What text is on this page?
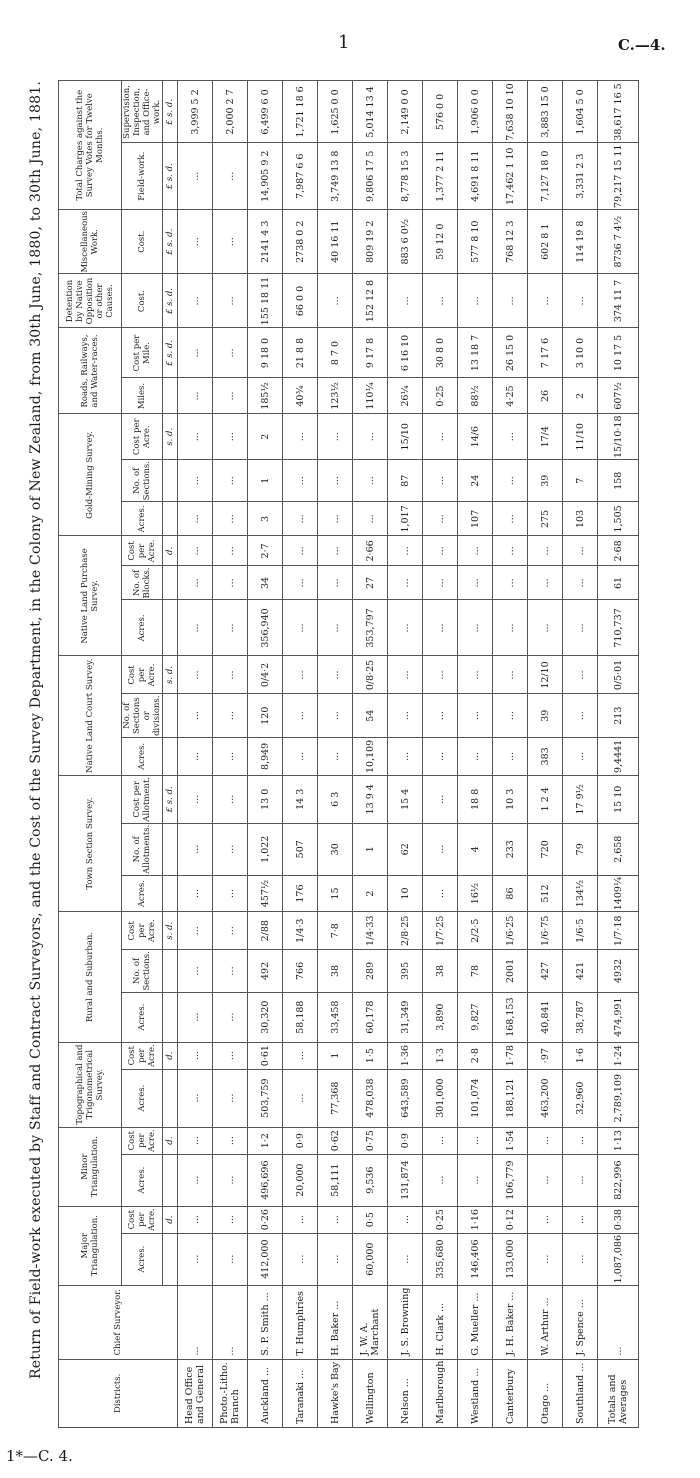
1	C.—4.
Return of Field-work executed by Staff and Contract Surveyors, and the Cost of the Survey Department, in the Colony of New Zealand, from 30th June, 1880, to 30th June, 1881.
Districts.	Chief Surveyor.	Major Triangulation.		Minor Triangulation.		Topographical and Trigonometrical Survey.		Rural and Suburban.			Town Section Survey.			Native Land Court Survey.			Native Land Purchase Survey.			Gold-Mining Survey.			Roads, Railways, and Water-races.		Detention by Native Opposition or other Causes.	Miscellaneous Work.	Total Charges against the Survey Votes for Twelve Months.	
		Acres.	Cost per Acre.	Acres.	Cost per Acre.	Acres.	Cost per Acre.	Acres.	No. of Sections.	Cost per Acre.	Acres.	No. of Allotments.	Cost per Allotment.	Acres.	No. of Sections or divisions.	Cost per Acre.	Acres.	No. of Blocks.	Cost per Acre.	Acres.	No. of Sections.	Cost per Acre.	Miles.	Cost per Mile.	Cost.	Cost.	Field-work.	Supervision, Inspection, and Office-work.
			d.		d.		d.			s. d.			£ s. d.			s. d.			d.			s. d.		£ s. d.	£ s. d.	£ s. d.	£ s. d.	£ s. d.
Head Office and General	...	...	...	...	...	...	...	...	...	...	...	...	...	...	...	...	...	...	...	...	...	...	...	...	...	...	...	3,999 5 2
Photo.-Litho. Branch	...	...	...	...	...	...	...	...	...	...	...	...	...	...	...	...	...	...	...	...	...	...	...	...	...	...	...	2,000 2 7
Auckland ...	S. P. Smith ...	412,000	0·26	496,696	1·2	503,759	0·61	30,320	492	2/88	457½	1,022	13 0	8,949	120	0/4·2	356,940	34	2·7	3	1	2	185½	9 18 0	155 18 11	2141 4 3	14,905 9 2	6,499 6 0
Taranaki ...	T. Humphries	...	...	20,000	0·9	...	...	58,188	766	1/4·3	176	507	14 3	...	...	...	...	...	...	...	...	...	40¾	21 8 8	66 0 0	2738 0 2	7,987 6 6	1,721 18 6
Hawke's Bay	H. Baker ...	...	...	58,111	0·62	77,368	1	33,458	38	7·8	15	30	6 3	...	...	...	...	...	...	...	...	...	123½	8 7 0	...	40 16 11	3,749 13 8	1,625 0 0
Wellington	J. W. A. Marchant	60,000	0·5	9,536	0·75	478,038	1·5	60,178	289	1/4·33	2	1	13 9 4	10,109	54	0/8·25	353,797	27	2·66	...	...	...	110¼	9 17 8	152 12 8	809 19 2	9,806 17 5	5,014 13 4
Nelson ...	J. S. Browning	...	...	131,874	0·9	643,589	1·36	31,349	395	2/8·25	10	62	15 4	...	...	...	...	...	...	1,017	87	15/10	26¼	6 16 10	...	883 6 0½	8,778 15 3	2,149 0 0
Marlborough	H. Clark ...	335,680	0·25	...	...	301,000	1·3	3,890	38	1/7·25	...	...	...	...	...	...	...	...	...	...	...	...	0·25	30 8 0	...	59 12 0	1,377 2 11	576 0 0
Westland ...	G. Mueller ...	146,406	1·16	...	...	101,074	2·8	9,827	78	2/2·5	16½	4	18 8	...	...	...	...	...	...	107	24	14/6	88½	13 18 7	...	577 8 10	4,691 8 11	1,906 0 0
Canterbury	J. H. Baker ...	133,000	0·12	106,779	1·54	188,121	1·78	168,153	2001	1/6·25	86	233	10 3	...	...	...	...	...	...	...	...	...	4·25	26 15 0	...	768 12 3	17,462 1 10	7,638 10 10
Otago ...	W. Arthur ...	...	...	...	...	463,200	·97	40,841	427	1/6·75	512	720	1 2 4	383	39	12/10	...	...	...	275	39	17/4	26	7 17 6	...	602 8 1	7,127 18 0	3,883 15 0
Southland ...	J. Spence ...	...	...	...	...	32,960	1·6	38,787	421	1/6·5	134½	79	17 9½	...	...	...	...	...	...	103	7	11/10	2	3 10 0	...	114 19 8	3,331 2 3	1,604 5 0
Totals and Averages	...	1,087,086	0·38	822,996	1·13	2,789,109	1·24	474,991	4932	1/7·18	1409¼	2,658	15 10	9,4441	213	0/5·01	710,737	61	2·68	1,505	158	15/10·18	607½	10 17 5	374 11 7	8736 7 4½	79,217 15 11	38,617 16 5
1*—C. 4.
